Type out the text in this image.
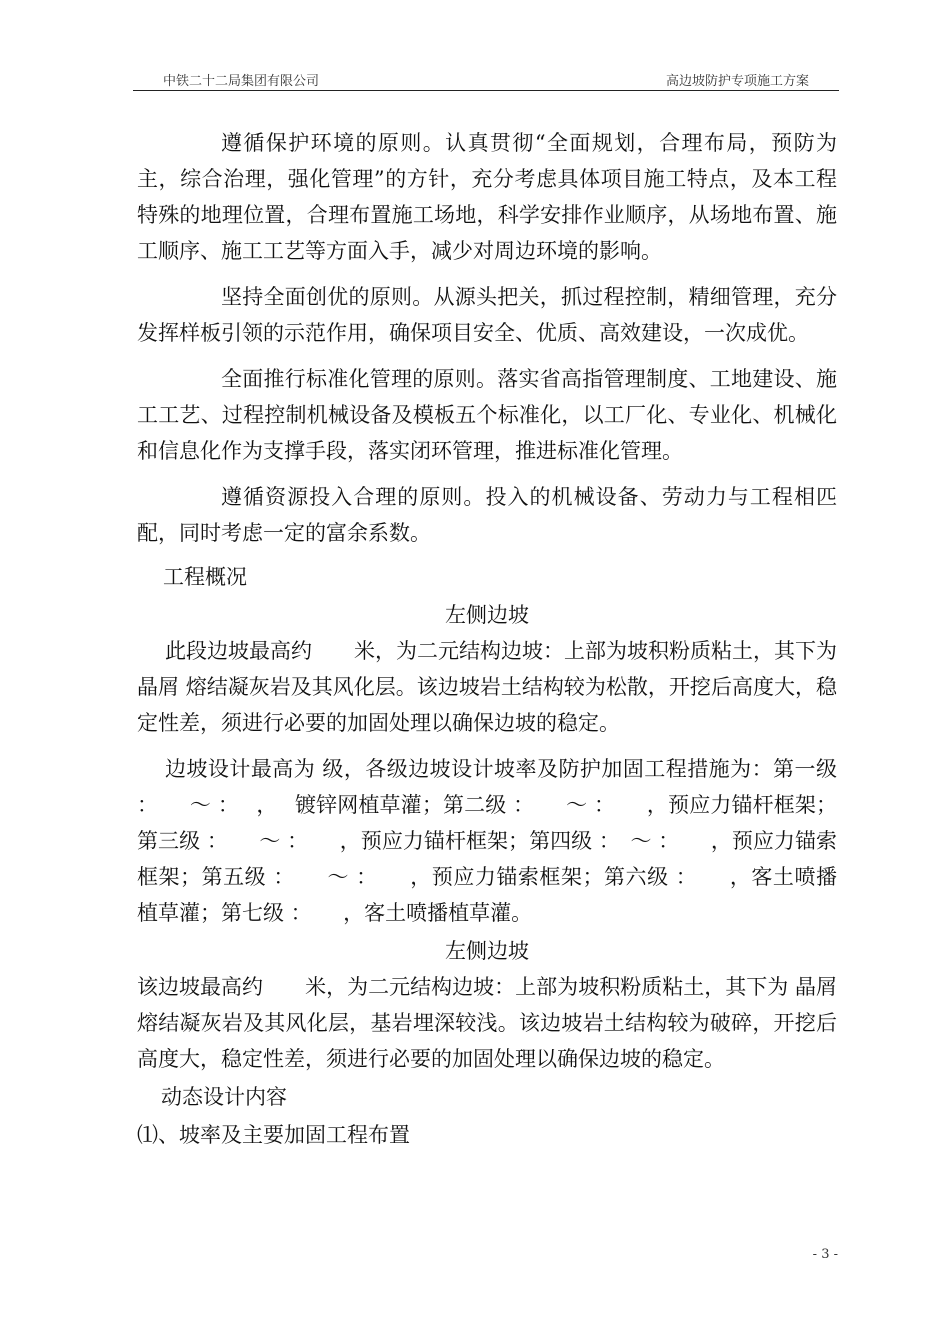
中铁二十二局集团有限公司	高边坡防护专项施工方案

遵循保护环境的原则。认真贯彻“全面规划，合理布局，预防为主，综合治理，强化管理”的方针，充分考虑具体项目施工特点，及本工程特殊的地理位置，合理布置施工场地，科学安排作业顺序，从场地布置、施工顺序、施工工艺等方面入手，减少对周边环境的影响。

坚持全面创优的原则。从源头把关，抓过程控制，精细管理，充分发挥样板引领的示范作用，确保项目安全、优质、高效建设，一次成优。

全面推行标准化管理的原则。落实省高指管理制度、工地建设、施工工艺、过程控制机械设备及模板五个标准化，以工厂化、专业化、机械化和信息化作为支撑手段，落实闭环管理，推进标准化管理。

遵循资源投入合理的原则。投入的机械设备、劳动力与工程相匹配，同时考虑一定的富余系数。

工程概况

左侧边坡

此段边坡最高约　　米，为二元结构边坡：上部为坡积粉质粘土，其下为 晶屑 熔结凝灰岩及其风化层。该边坡岩土结构较为松散，开挖后高度大，稳定性差，须进行必要的加固处理以确保边坡的稳定。

边坡设计最高为 级，各级边坡设计坡率及防护加固工程措施为：第一级 ：　　～ ：　 ，　 镀锌网植草灌；第二级 ：　　～ ：　　，预应力锚杆框架；第三级 ：　　～ ：　　，预应力锚杆框架；第四级 ：　～ ：　　，预应力锚索框架；第五级 ：　　～ ：　　，预应力锚索框架；第六级 ：　　，客土喷播植草灌；第七级 ：　　，客土喷播植草灌。

左侧边坡

该边坡最高约　　米，为二元结构边坡：上部为坡积粉质粘土，其下为 晶屑 熔结凝灰岩及其风化层，基岩埋深较浅。该边坡岩土结构较为破碎，开挖后高度大，稳定性差，须进行必要的加固处理以确保边坡的稳定。

动态设计内容

⑴、坡率及主要加固工程布置

- 3 -
